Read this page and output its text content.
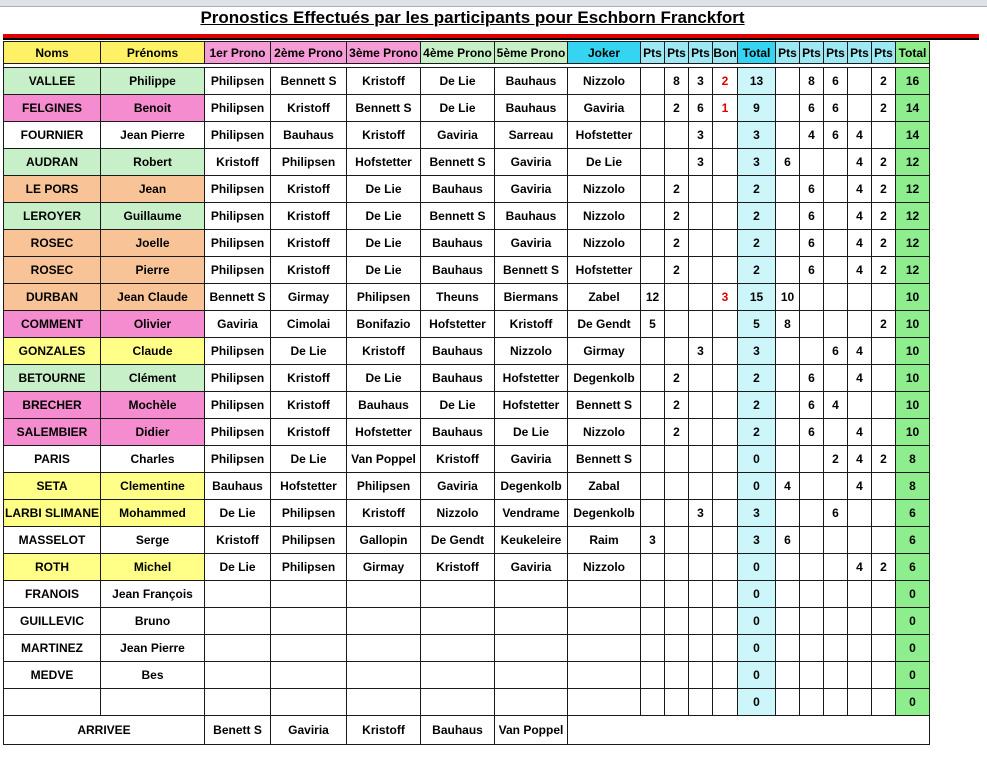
Pronostics Effectués par les participants pour Eschborn Franckfort
Noms	Prénoms	1er Prono	2ème Prono	3ème Prono	4ème Prono	5ème Prono	Joker	Pts	Pts	Pts	Bon	Total	Pts	Pts	Pts	Pts	Pts	Total

VALLEE	Philippe	Philipsen	Bennett S	Kristoff	De Lie	Bauhaus	Nizzolo		8	3	2	13		8	6		2	16
FELGINES	Benoit	Philipsen	Kristoff	Bennett S	De Lie	Bauhaus	Gaviria		2	6	1	9		6	6		2	14
FOURNIER	Jean Pierre	Philipsen	Bauhaus	Kristoff	Gaviria	Sarreau	Hofstetter			3		3		4	6	4		14
AUDRAN	Robert	Kristoff	Philipsen	Hofstetter	Bennett S	Gaviria	De Lie			3		3	6			4	2	12
LE PORS	Jean	Philipsen	Kristoff	De Lie	Bauhaus	Gaviria	Nizzolo		2			2		6		4	2	12
LEROYER	Guillaume	Philipsen	Kristoff	De Lie	Bennett S	Bauhaus	Nizzolo		2			2		6		4	2	12
ROSEC	Joelle	Philipsen	Kristoff	De Lie	Bauhaus	Gaviria	Nizzolo		2			2		6		4	2	12
ROSEC	Pierre	Philipsen	Kristoff	De Lie	Bauhaus	Bennett S	Hofstetter		2			2		6		4	2	12
DURBAN	Jean Claude	Bennett S	Girmay	Philipsen	Theuns	Biermans	Zabel	12			3	15	10					10
COMMENT	Olivier	Gaviria	Cimolai	Bonifazio	Hofstetter	Kristoff	De Gendt	5				5	8				2	10
GONZALES	Claude	Philipsen	De Lie	Kristoff	Bauhaus	Nizzolo	Girmay			3		3			6	4		10
BETOURNE	Clément	Philipsen	Kristoff	De Lie	Bauhaus	Hofstetter	Degenkolb		2			2		6		4		10
BRECHER	Mochèle	Philipsen	Kristoff	Bauhaus	De Lie	Hofstetter	Bennett S		2			2		6	4			10
SALEMBIER	Didier	Philipsen	Kristoff	Hofstetter	Bauhaus	De Lie	Nizzolo		2			2		6		4		10
PARIS	Charles	Philipsen	De Lie	Van Poppel	Kristoff	Gaviria	Bennett S					0			2	4	2	8
SETA	Clementine	Bauhaus	Hofstetter	Philipsen	Gaviria	Degenkolb	Zabal					0	4			4		8
LARBI SLIMANE	Mohammed	De Lie	Philipsen	Kristoff	Nizzolo	Vendrame	Degenkolb			3		3			6			6
MASSELOT	Serge	Kristoff	Philipsen	Gallopin	De Gendt	Keukeleire	Raim	3				3	6					6
ROTH	Michel	De Lie	Philipsen	Girmay	Kristoff	Gaviria	Nizzolo					0				4	2	6
FRANOIS	Jean François											0						0
GUILLEVIC	Bruno											0						0
MARTINEZ	Jean Pierre											0						0
MEDVE	Bes											0						0
												0						0
ARRIVEE		Benett S	Gaviria	Kristoff	Bauhaus	Van Poppel												
